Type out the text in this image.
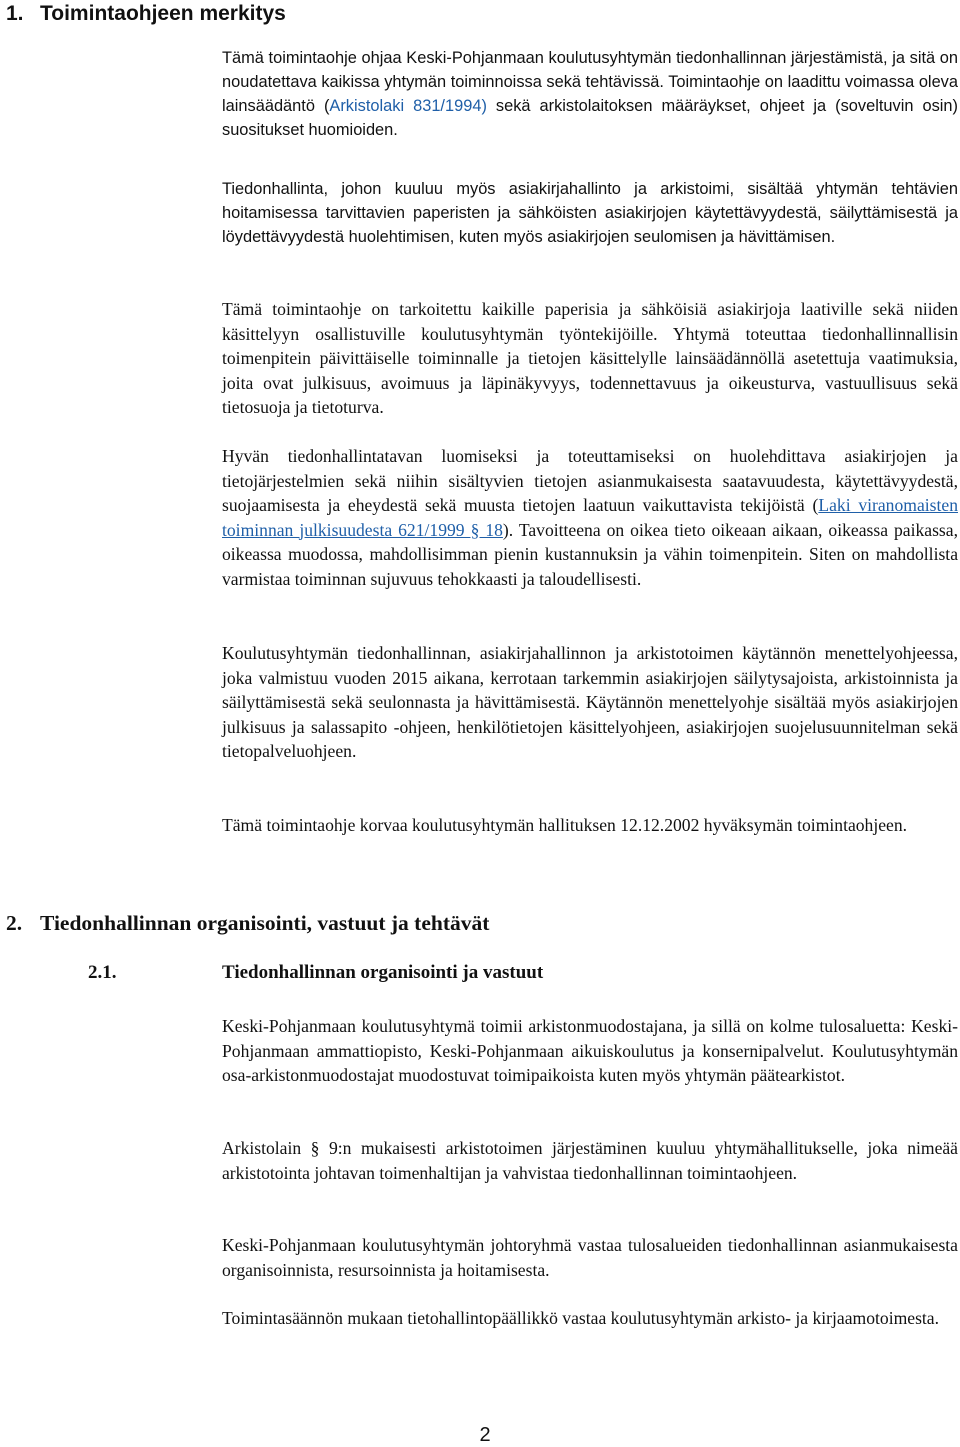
1. Toimintaohjeen merkitys

Tämä toimintaohje ohjaa Keski-Pohjanmaan koulutusyhtymän tiedonhallinnan järjestämistä, ja sitä on noudatettava kaikissa yhtymän toiminnoissa sekä tehtävissä. Toimintaohje on laadittu voimassa oleva lainsäädäntö (Arkistolaki 831/1994) sekä arkistolaitoksen määräykset, ohjeet ja (soveltuvin osin) suositukset huomioiden.

Tiedonhallinta, johon kuuluu myös asiakirjahallinto ja arkistoimi, sisältää yhtymän tehtävien hoitamisessa tarvittavien paperisten ja sähköisten asiakirjojen käytettävyydestä, säilyttämisestä ja löydettävyydestä huolehtimisen, kuten myös asiakirjojen seulomisen ja hävittämisen.

Tämä toimintaohje on tarkoitettu kaikille paperisia ja sähköisiä asiakirjoja laativille sekä niiden käsittelyyn osallistuville koulutusyhtymän työntekijöille. Yhtymä toteuttaa tiedonhallinnallisin toimenpitein päivittäiselle toiminnalle ja tietojen käsittelylle lainsäädännöllä asetettuja vaatimuksia, joita ovat julkisuus, avoimuus ja läpinäkyvyys, todennettavuus ja oikeusturva, vastuullisuus sekä tietosuoja ja tietoturva.

Hyvän tiedonhallintatavan luomiseksi ja toteuttamiseksi on huolehdittava asiakirjojen ja tietojärjestelmien sekä niihin sisältyvien tietojen asianmukaisesta saatavuudesta, käytettävyydestä, suojaamisesta ja eheydestä sekä muusta tietojen laatuun vaikuttavista tekijöistä (Laki viranomaisten toiminnan julkisuudesta 621/1999 § 18). Tavoitteena on oikea tieto oikeaan aikaan, oikeassa paikassa, oikeassa muodossa, mahdollisimman pienin kustannuksin ja vähin toimenpitein. Siten on mahdollista varmistaa toiminnan sujuvuus tehokkaasti ja taloudellisesti.

Koulutusyhtymän tiedonhallinnan, asiakirjahallinnon ja arkistotoimen käytännön menettelyohjeessa, joka valmistuu vuoden 2015 aikana, kerrotaan tarkemmin asiakirjojen säilytysajoista, arkistoinnista ja säilyttämisestä sekä seulonnasta ja hävittämisestä. Käytännön menettelyohje sisältää myös asiakirjojen julkisuus ja salassapito -ohjeen, henkilötietojen käsittelyohjeen, asiakirjojen suojelusuunnitelman sekä tietopalveluohjeen.

Tämä toimintaohje korvaa koulutusyhtymän hallituksen 12.12.2002 hyväksymän toimintaohjeen.

2. Tiedonhallinnan organisointi, vastuut ja tehtävät
2.1.	Tiedonhallinnan organisointi ja vastuut

Keski-Pohjanmaan koulutusyhtymä toimii arkistonmuodostajana, ja sillä on kolme tulosaluetta: Keski-Pohjanmaan ammattiopisto, Keski-Pohjanmaan aikuiskoulutus ja konsernipalvelut. Koulutusyhtymän osa-arkistonmuodostajat muodostuvat toimipaikoista kuten myös yhtymän päätearkistot.

Arkistolain § 9:n mukaisesti arkistotoimen järjestäminen kuuluu yhtymähallitukselle, joka nimeää arkistotointa johtavan toimenhaltijan ja vahvistaa tiedonhallinnan toimintaohjeen.

Keski-Pohjanmaan koulutusyhtymän johtoryhmä vastaa tulosalueiden tiedonhallinnan asianmukaisesta organisoinnista, resursoinnista ja hoitamisesta.

Toimintasäännön mukaan tietohallintopäällikkö vastaa koulutusyhtymän arkisto- ja kirjaamotoimesta.

2
